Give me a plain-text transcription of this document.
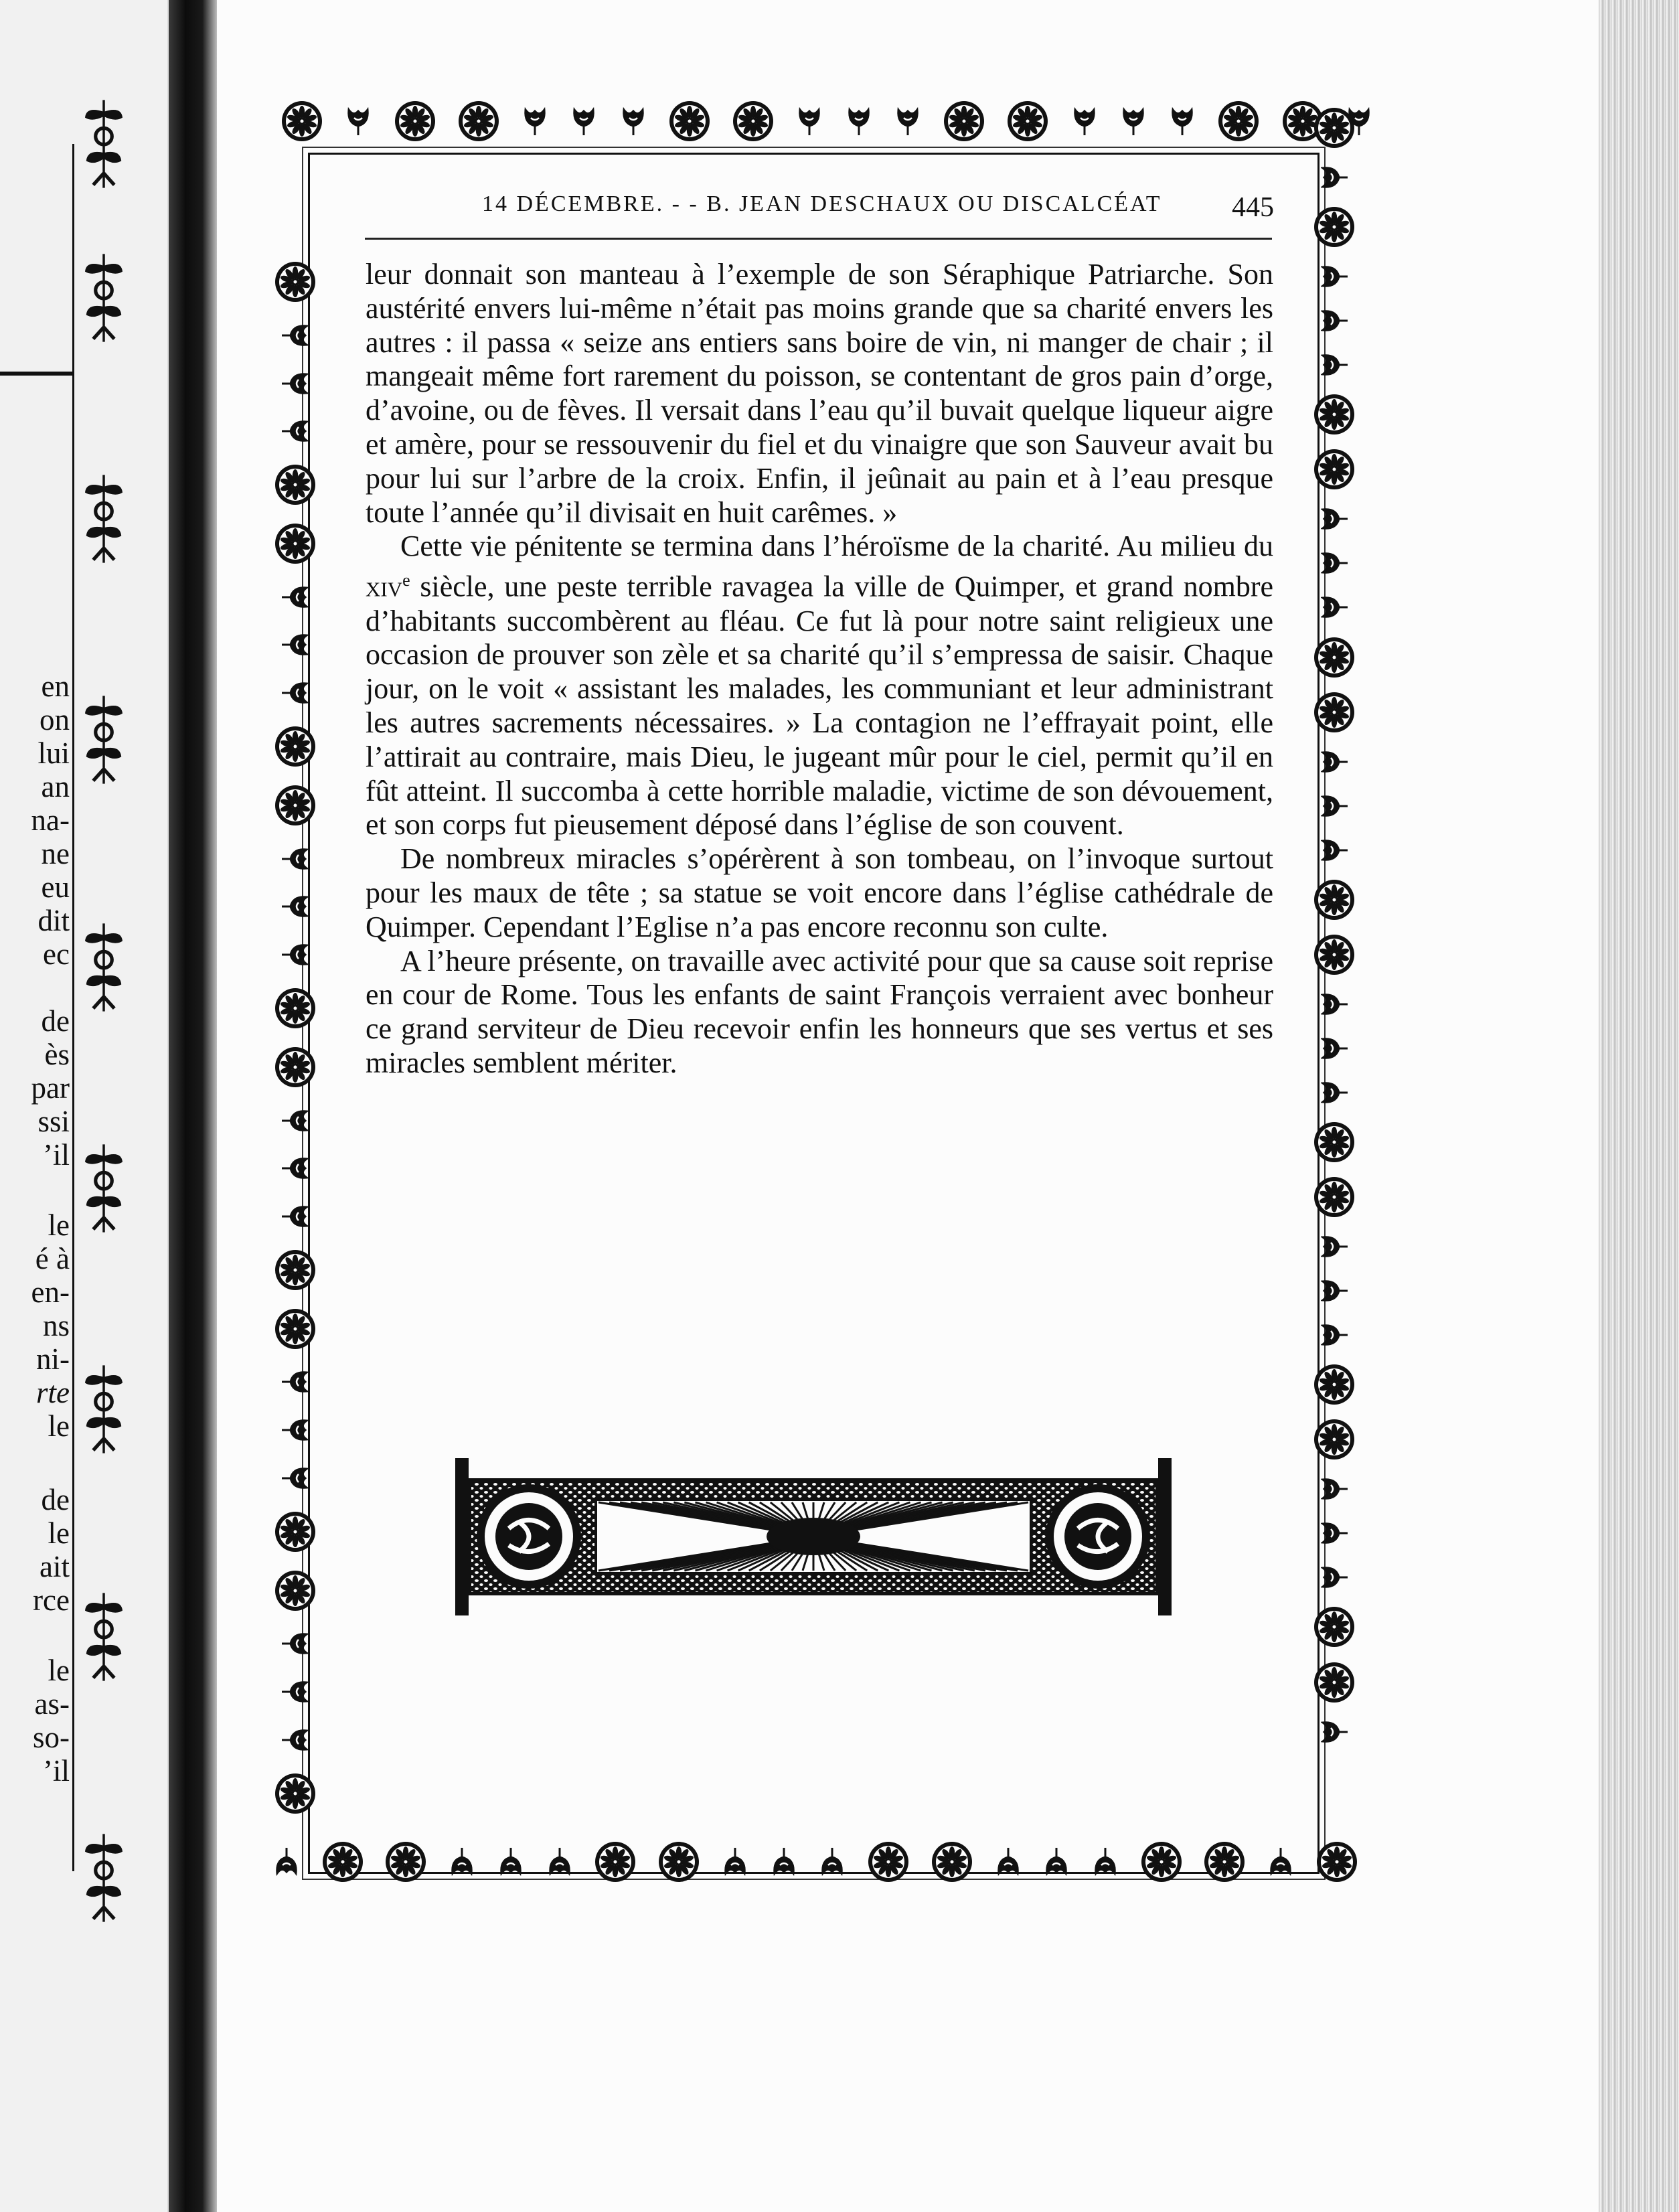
en
on
lui
an
na-
ne
eu
dit
ec
de
ès
par
ssi
’il
le
é à
en-
ns
ni-
rte
le
de
le
ait
rce
le
as-
so-
’il
14 DÉCEMBRE. - - B. JEAN DESCHAUX OU DISCALCÉAT 445

leur donnait son manteau à l’exemple de son Séraphique Patriarche. Son austérité envers lui-même n’était pas moins grande que sa charité envers les autres : il passa « seize ans entiers sans boire de vin, ni manger de chair ; il mangeait même fort rarement du poisson, se contentant de gros pain d’orge, d’avoine, ou de fèves. Il versait dans l’eau qu’il buvait quelque liqueur aigre et amère, pour se ressouvenir du fiel et du vinaigre que son Sauveur avait bu pour lui sur l’arbre de la croix. Enfin, il jeûnait au pain et à l’eau presque toute l’année qu’il divisait en huit carêmes. »

Cette vie pénitente se termina dans l’héroïsme de la charité. Au milieu du xiv$^e$ siècle, une peste terrible ravagea la ville de Quimper, et grand nombre d’habitants succombèrent au fléau. Ce fut là pour notre saint religieux une occasion de prouver son zèle et sa charité qu’il s’empressa de saisir. Chaque jour, on le voit « assistant les malades, les communiant et leur administrant les autres sacrements nécessaires. » La contagion ne l’effrayait point, elle l’attirait au contraire, mais Dieu, le jugeant mûr pour le ciel, permit qu’il en fût atteint. Il succomba à cette horrible maladie, victime de son dévouement, et son corps fut pieusement déposé dans l’église de son couvent.

De nombreux miracles s’opérèrent à son tombeau, on l’invoque surtout pour les maux de tête ; sa statue se voit encore dans l’église cathédrale de Quimper. Cependant l’Eglise n’a pas encore reconnu son culte.

A l’heure présente, on travaille avec activité pour que sa cause soit reprise en cour de Rome. Tous les enfants de saint François verraient avec bonheur ce grand serviteur de Dieu recevoir enfin les honneurs que ses vertus et ses miracles semblent mériter.
